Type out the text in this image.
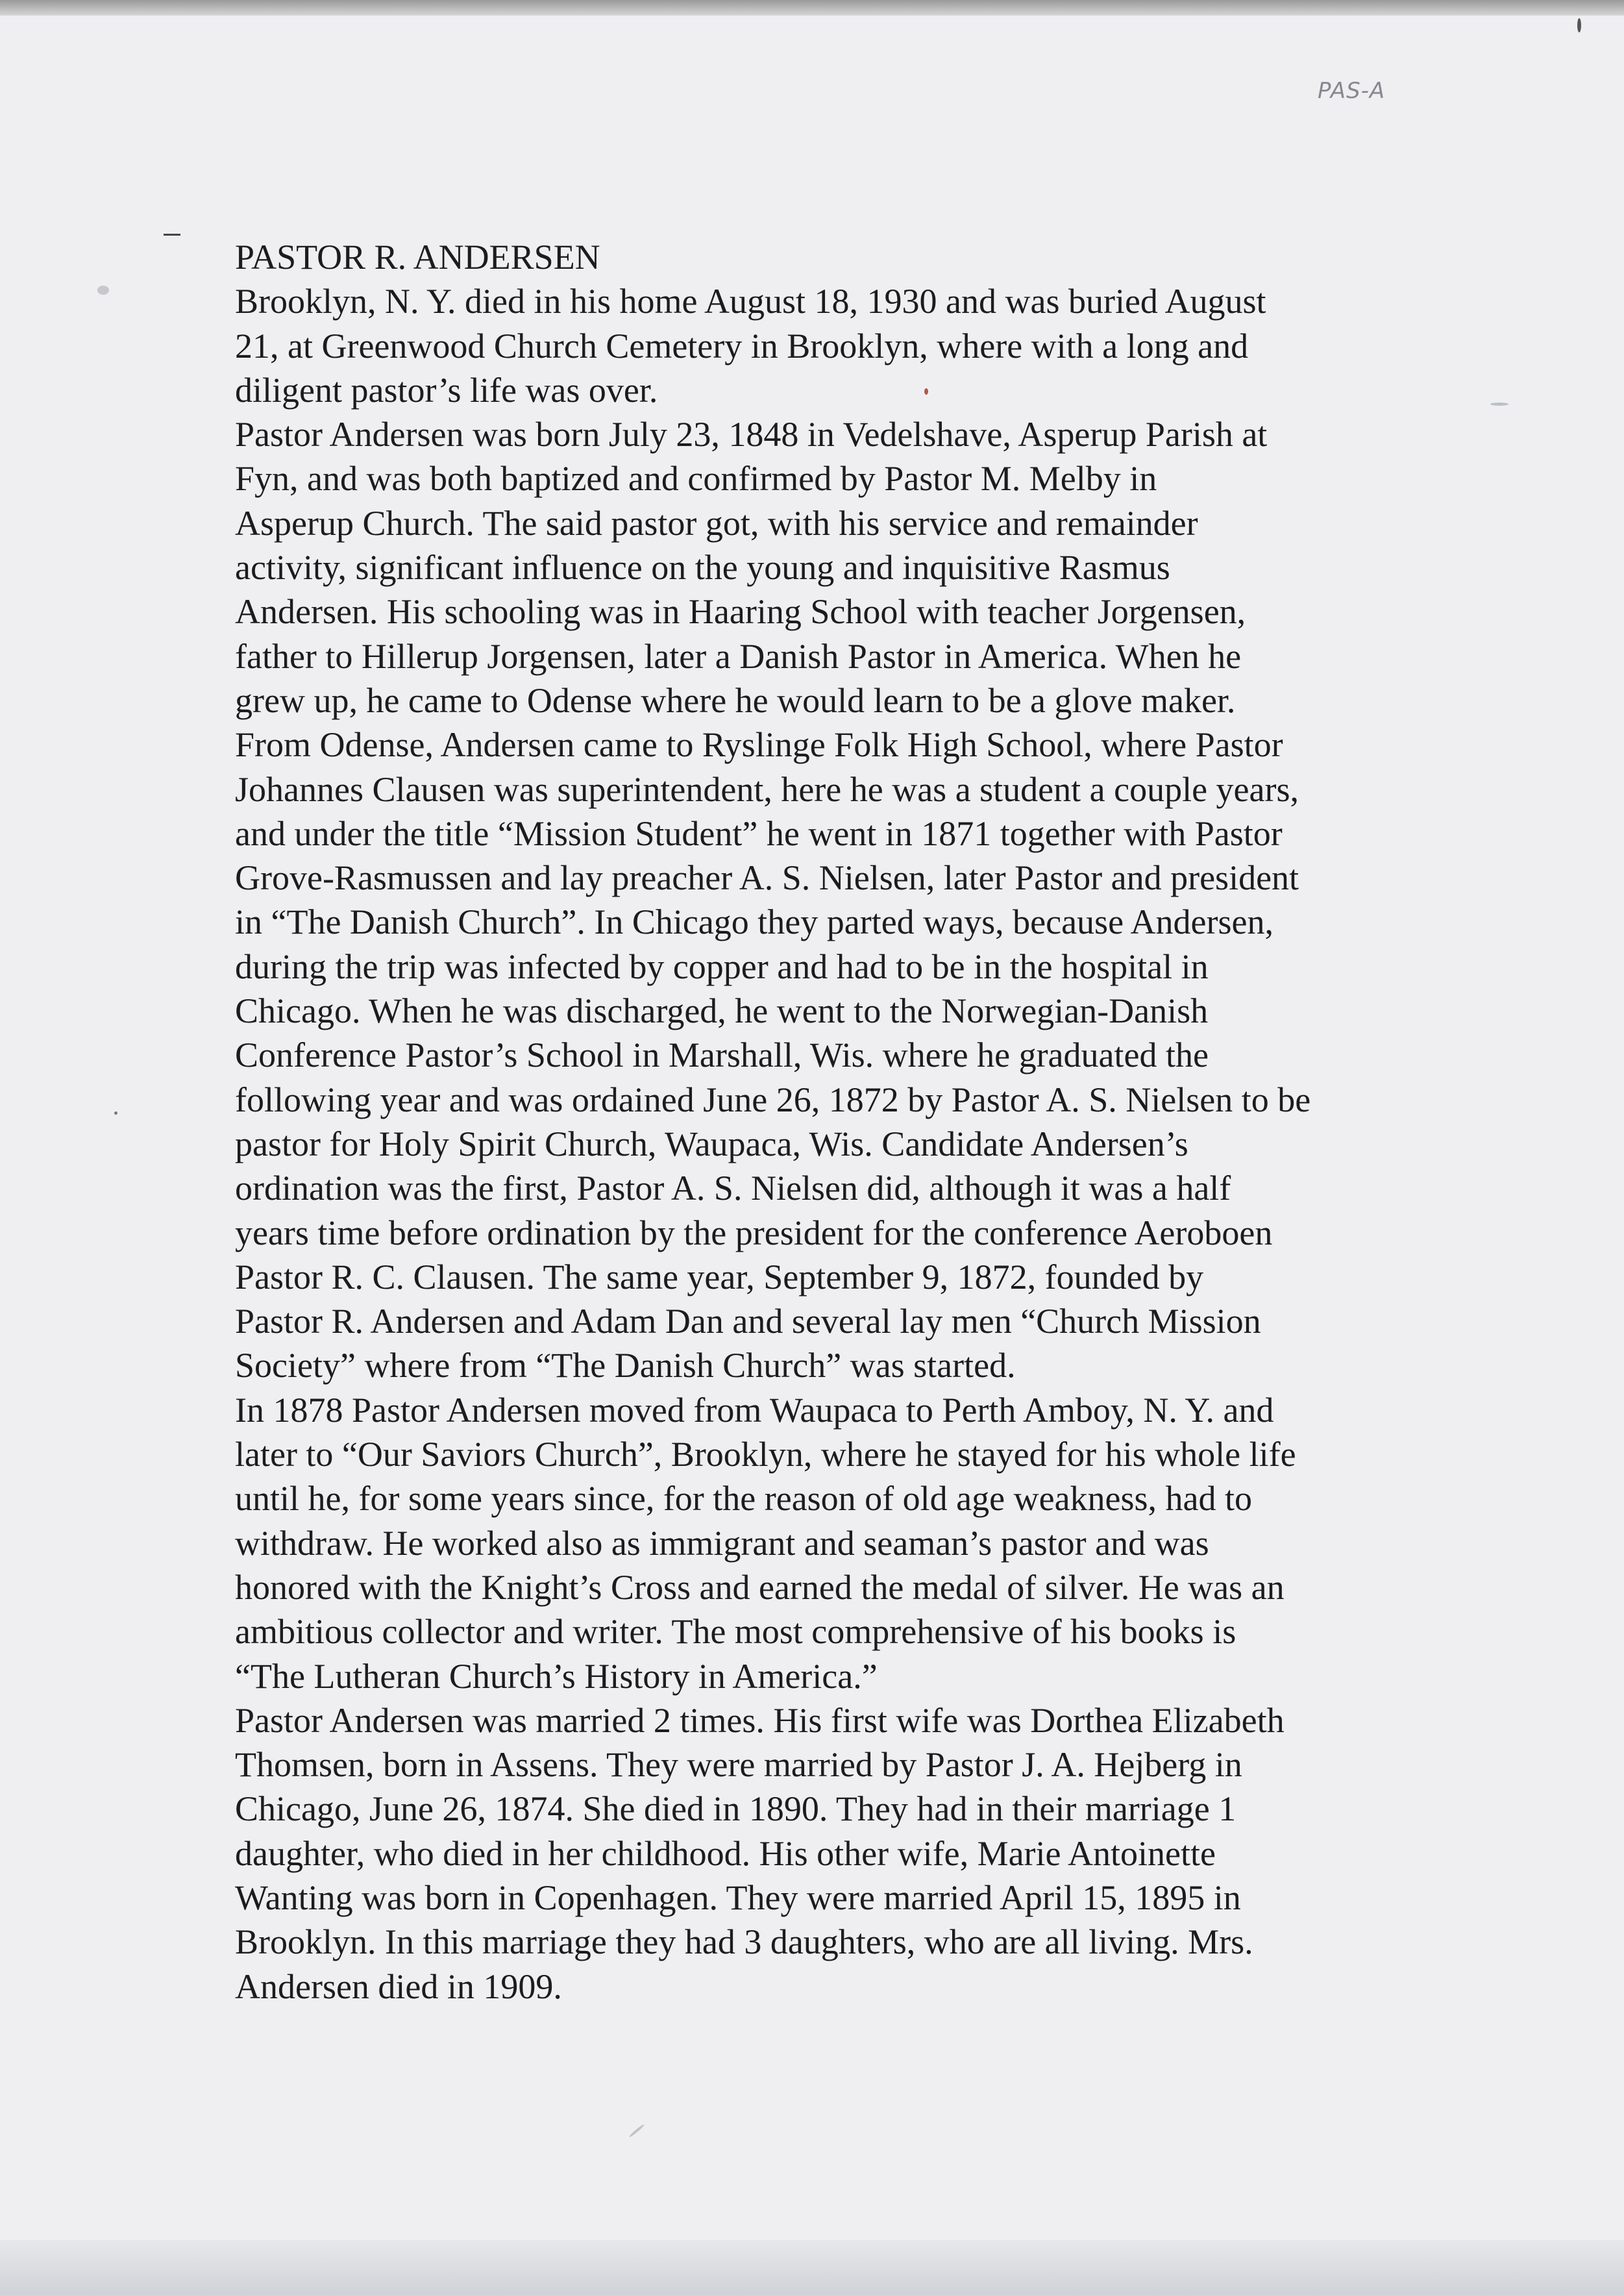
PAS-A
PASTOR R. ANDERSEN
Brooklyn, N. Y. died in his home August 18, 1930 and was buried August
21, at Greenwood Church Cemetery in Brooklyn, where with a long and
diligent pastor’s life was over.
Pastor Andersen was born July 23, 1848 in Vedelshave, Asperup Parish at
Fyn, and was both baptized and confirmed by Pastor M. Melby in
Asperup Church. The said pastor got, with his service and remainder
activity, significant influence on the young and inquisitive Rasmus
Andersen. His schooling was in Haaring School with teacher Jorgensen,
father to Hillerup Jorgensen, later a Danish Pastor in America. When he
grew up, he came to Odense where he would learn to be a glove maker.
From Odense, Andersen came to Ryslinge Folk High School, where Pastor
Johannes Clausen was superintendent, here he was a student a couple years,
and under the title “Mission Student” he went in 1871 together with Pastor
Grove-Rasmussen and lay preacher A. S. Nielsen, later Pastor and president
in “The Danish Church”. In Chicago they parted ways, because Andersen,
during the trip was infected by copper and had to be in the hospital in
Chicago. When he was discharged, he went to the Norwegian-Danish
Conference Pastor’s School in Marshall, Wis. where he graduated the
following year and was ordained June 26, 1872 by Pastor A. S. Nielsen to be
pastor for Holy Spirit Church, Waupaca, Wis. Candidate Andersen’s
ordination was the first, Pastor A. S. Nielsen did, although it was a half
years time before ordination by the president for the conference Aeroboen
Pastor R. C. Clausen. The same year, September 9, 1872, founded by
Pastor R. Andersen and Adam Dan and several lay men “Church Mission
Society” where from “The Danish Church” was started.
In 1878 Pastor Andersen moved from Waupaca to Perth Amboy, N. Y. and
later to “Our Saviors Church”, Brooklyn, where he stayed for his whole life
until he, for some years since, for the reason of old age weakness, had to
withdraw. He worked also as immigrant and seaman’s pastor and was
honored with the Knight’s Cross and earned the medal of silver. He was an
ambitious collector and writer. The most comprehensive of his books is
“The Lutheran Church’s History in America.”
Pastor Andersen was married 2 times. His first wife was Dorthea Elizabeth
Thomsen, born in Assens. They were married by Pastor J. A. Hejberg in
Chicago, June 26, 1874. She died in 1890. They had in their marriage 1
daughter, who died in her childhood. His other wife, Marie Antoinette
Wanting was born in Copenhagen. They were married April 15, 1895 in
Brooklyn. In this marriage they had 3 daughters, who are all living. Mrs.
Andersen died in 1909.
